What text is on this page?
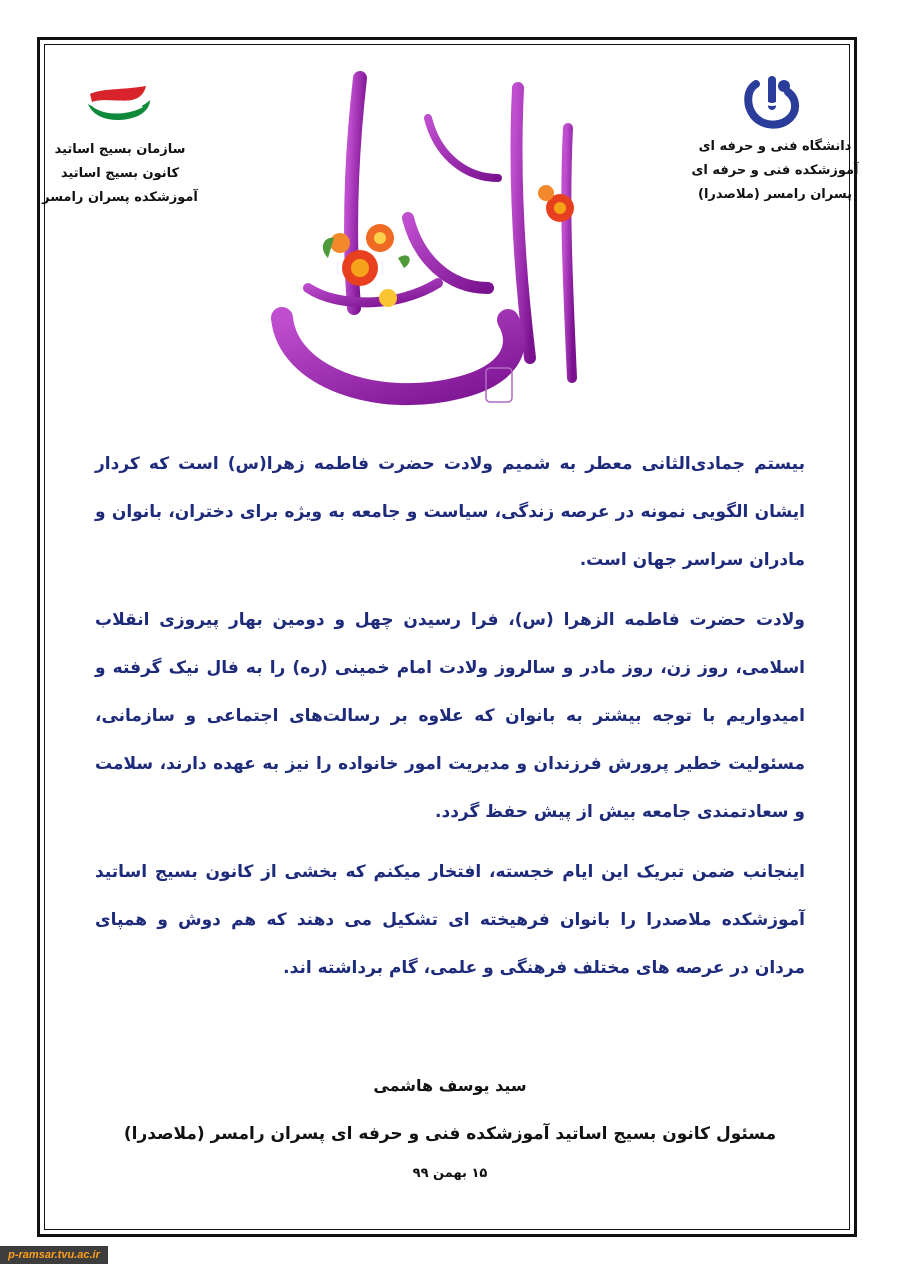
دانشگاه فنی و حرفه ای
آموزشکده فنی و حرفه ای
پسران رامسر (ملاصدرا)
سازمان بسیج اساتید
کانون بسیج اساتید
آموزشکده پسران رامسر

بیستم جمادی‌الثانی معطر به شمیم ولادت حضرت فاطمه زهرا(س) است که کردار ایشان الگویی نمونه در عرصه زندگی، سیاست و جامعه به ویژه برای دختران، بانوان و مادران سراسر جهان است.

ولادت حضرت فاطمه الزهرا (س)، فرا رسیدن چهل و دومین بهار پیروزی انقلاب اسلامی، روز زن، روز مادر و سالروز ولادت امام خمینی (ره) را به فال نیک گرفته و امیدواریم با توجه بیشتر به بانوان که علاوه بر رسالت‌های اجتماعی و سازمانی، مسئولیت خطیر پرورش فرزندان و مدیریت امور خانواده را نیز به عهده دارند، سلامت و سعادتمندی جامعه بیش از پیش حفظ گردد.

اینجانب ضمن تبریک این ایام خجسته، افتخار میکنم که بخشی از کانون بسیج اساتید آموزشکده ملاصدرا را بانوان فرهیخته ای تشکیل می دهند که هم دوش و همپای مردان در عرصه های مختلف فرهنگی و علمی، گام برداشته اند.

سید یوسف هاشمی
مسئول کانون بسیج اساتید آموزشکده فنی و حرفه ای پسران رامسر (ملاصدرا)
۱۵ بهمن ۹۹
p-ramsar.tvu.ac.ir
